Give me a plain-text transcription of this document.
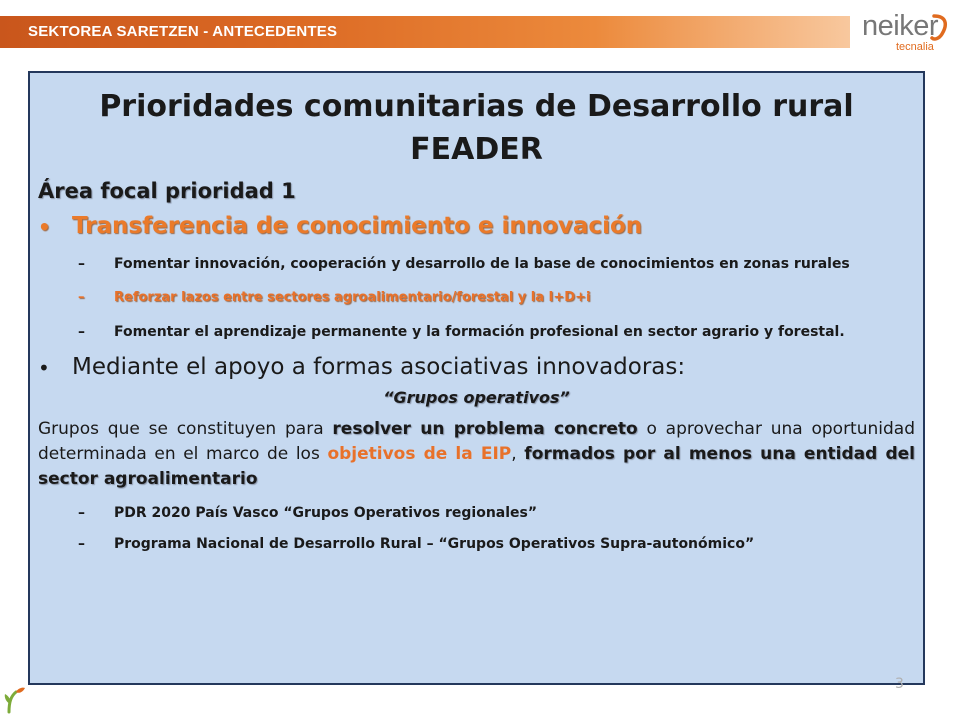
SEKTOREA SARETZEN - ANTECEDENTES	neiker
tecnalia
Prioridades comunitarias de Desarrollo rural FEADER
Área focal prioridad 1
• Transferencia de conocimiento e innovación
–	Fomentar innovación, cooperación y desarrollo de la base de conocimientos en zonas rurales
–	Reforzar lazos entre sectores agroalimentario/forestal y la I+D+i
–	Fomentar el aprendizaje permanente y la formación profesional en sector agrario y forestal.
• Mediante el apoyo a formas asociativas innovadoras:
“Grupos operativos”
Grupos que se constituyen para resolver un problema concreto o aprovechar una oportunidad determinada en el marco de los objetivos de la EIP, formados por al menos una entidad del sector agroalimentario
–	PDR 2020 País Vasco “Grupos Operativos regionales”
–	Programa Nacional de Desarrollo Rural – “Grupos Operativos Supra-autonómico”
3
